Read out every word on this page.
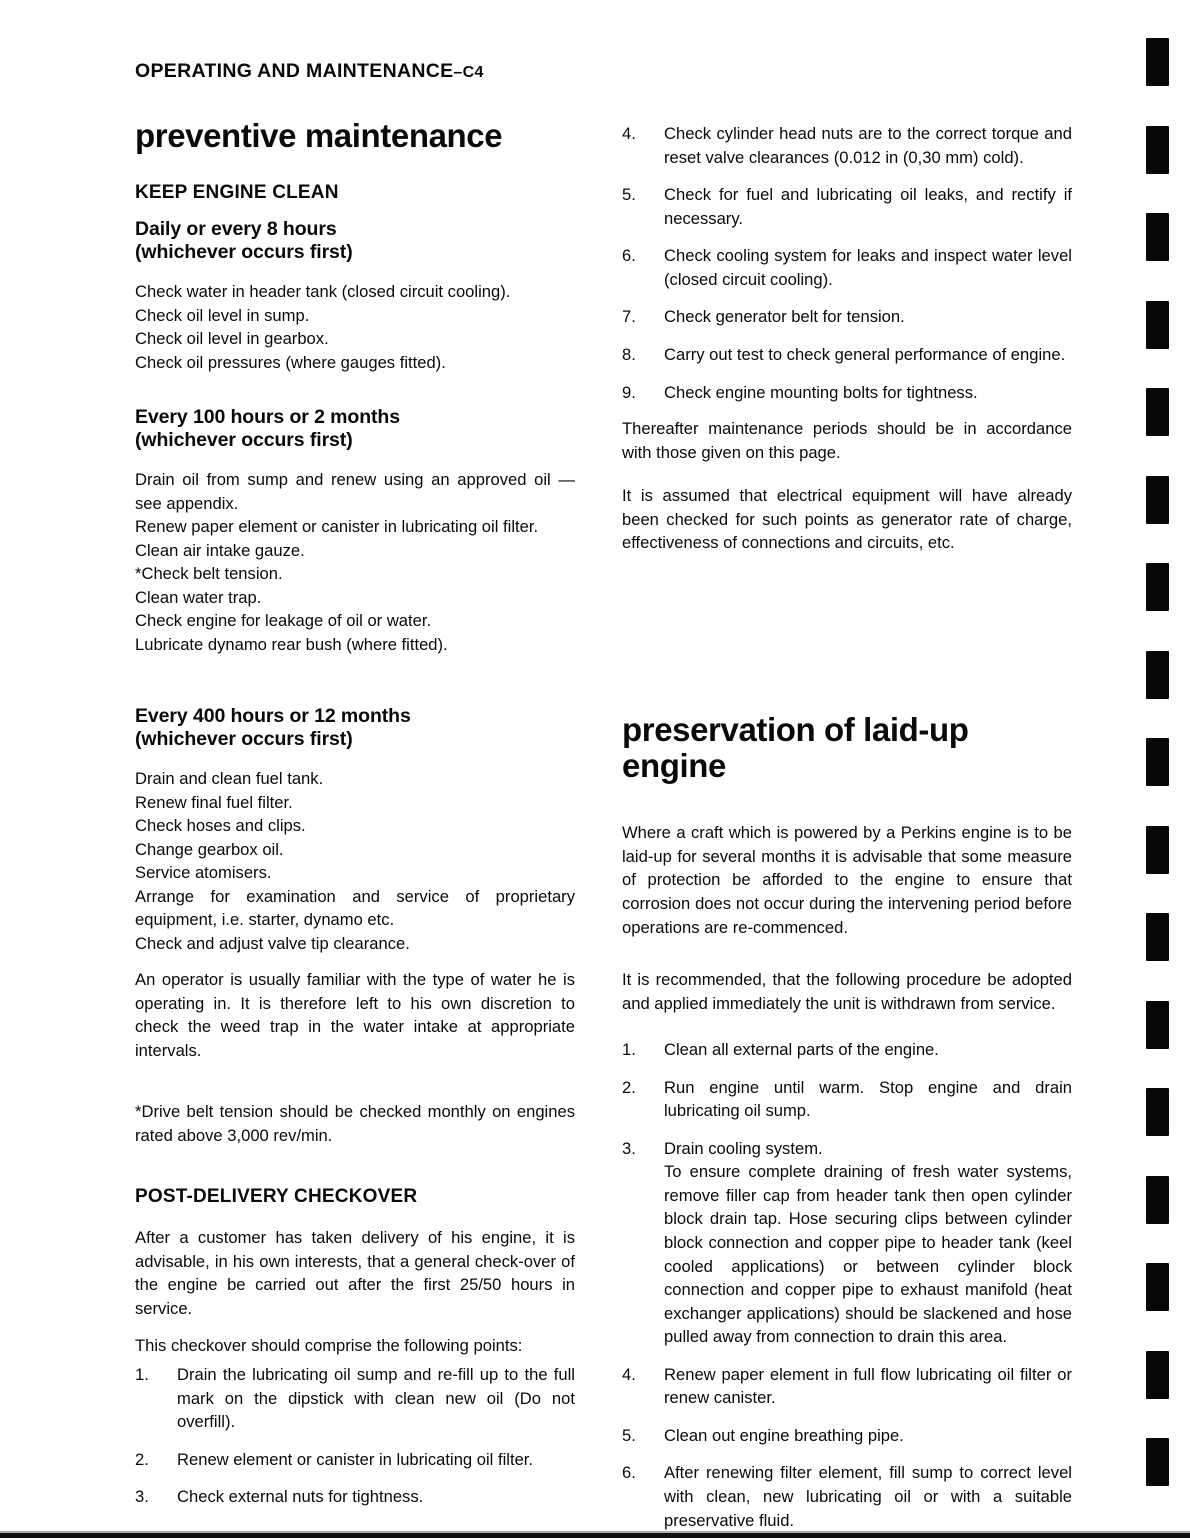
OPERATING AND MAINTENANCE–C4
preventive maintenance
KEEP ENGINE CLEAN
Daily or every 8 hours
(whichever occurs first)
Check water in header tank (closed circuit cooling).
Check oil level in sump.
Check oil level in gearbox.
Check oil pressures (where gauges fitted).
Every 100 hours or 2 months
(whichever occurs first)
Drain oil from sump and renew using an approved oil — see appendix.
Renew paper element or canister in lubricating oil filter.
Clean air intake gauze.
*Check belt tension.
Clean water trap.
Check engine for leakage of oil or water.
Lubricate dynamo rear bush (where fitted).
Every 400 hours or 12 months
(whichever occurs first)
Drain and clean fuel tank.
Renew final fuel filter.
Check hoses and clips.
Change gearbox oil.
Service atomisers.
Arrange for examination and service of proprietary equipment, i.e. starter, dynamo etc.
Check and adjust valve tip clearance.

An operator is usually familiar with the type of water he is operating in. It is therefore left to his own discretion to check the weed trap in the water intake at appropriate intervals.

*Drive belt tension should be checked monthly on engines rated above 3,000 rev/min.

POST-DELIVERY CHECKOVER

After a customer has taken delivery of his engine, it is advisable, in his own interests, that a general check-over of the engine be carried out after the first 25/50 hours in service.

This checkover should comprise the following points:

1.	Drain the lubricating oil sump and re-fill up to the full mark on the dipstick with clean new oil (Do not overfill).
2.	Renew element or canister in lubricating oil filter.
3.	Check external nuts for tightness.
4.	Check cylinder head nuts are to the correct torque and reset valve clearances (0.012 in (0,30 mm) cold).
5.	Check for fuel and lubricating oil leaks, and rectify if necessary.
6.	Check cooling system for leaks and inspect water level (closed circuit cooling).
7.	Check generator belt for tension.
8.	Carry out test to check general performance of engine.
9.	Check engine mounting bolts for tightness.

Thereafter maintenance periods should be in accordance with those given on this page.

It is assumed that electrical equipment will have already been checked for such points as generator rate of charge, effectiveness of connections and circuits, etc.

preservation of laid-up
engine

Where a craft which is powered by a Perkins engine is to be laid-up for several months it is advisable that some measure of protection be afforded to the engine to ensure that corrosion does not occur during the intervening period before operations are re-commenced.

It is recommended, that the following procedure be adopted and applied immediately the unit is withdrawn from service.

1.	Clean all external parts of the engine.
2.	Run engine until warm. Stop engine and drain lubricating oil sump.
3.	Drain cooling system.
To ensure complete draining of fresh water systems, remove filler cap from header tank then open cylinder block drain tap. Hose securing clips between cylinder block connection and copper pipe to header tank (keel cooled applications) or between cylinder block connection and copper pipe to exhaust manifold (heat exchanger applications) should be slackened and hose pulled away from connection to drain this area.
4.	Renew paper element in full flow lubricating oil filter or renew canister.
5.	Clean out engine breathing pipe.
6.	After renewing filter element, fill sump to correct level with clean, new lubricating oil or with a suitable preservative fluid.
